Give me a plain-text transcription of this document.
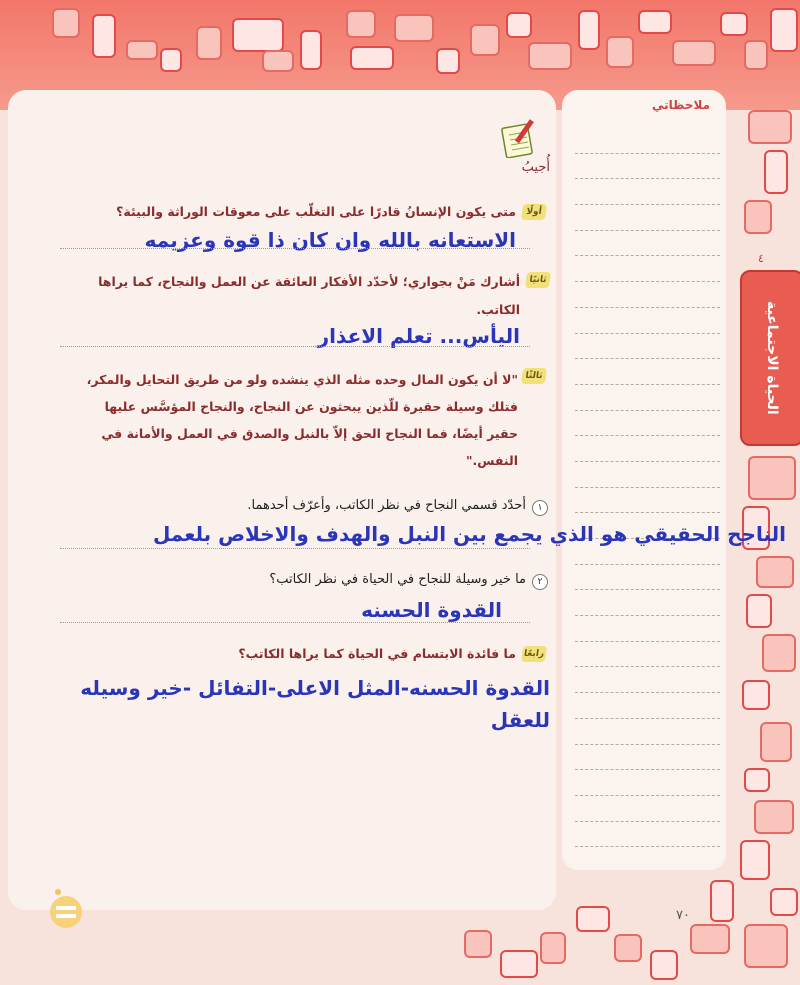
ملاحظاتي
٤
الحياة الاجتماعية
أُجيبُ
أولًا
متى يكون الإنسانُ قادرًا على التغلّب على معوقات الوراثة والبيئة؟
الاستعانه بالله وان كان ذا قوة وعزيمه
ثانيًا
أشارك مَنْ بجواري؛ لأحدّد الأفكار العائقة عن العمل والنجاح، كما يراها
الكاتب.
اليأس... تعلم الاعذار
ثالثًا
"لا أن يكون المال وحده مثله الذي ينشده ولو من طريق التحايل والمكر،
فتلك وسيلة حقيرة للّذين يبحثون عن النجاح، والنجاح المؤسَّس عليها
حقير أيضًا، فما النجاح الحق إلاّ بالنبل والصدق في العمل والأمانة في
النفس."
١
أحدّد قسمي النجاح في نظر الكاتب، وأعرّف أحدهما.
الناجح الحقيقي هو الذي يجمع بين النبل والهدف والاخلاص بلعمل
٢
ما خير وسيلة للنجاح في الحياة في نظر الكاتب؟
القدوة الحسنه
رابعًا
ما فائدة الابتسام في الحياة كما يراها الكاتب؟
القدوة الحسنه-المثل الاعلى-التفائل -خير وسيله
للعقل
٧٠
